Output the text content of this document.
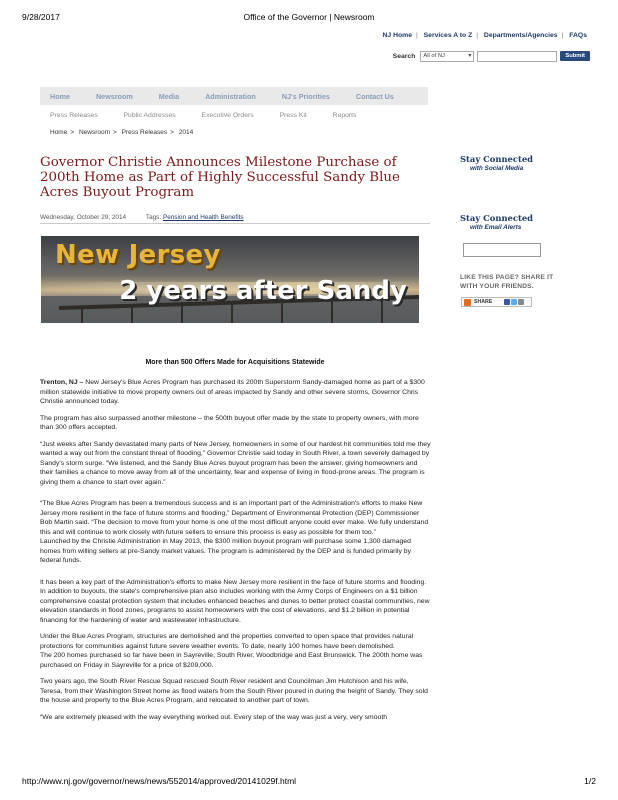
9/28/2017	Office of the Governor | Newsroom
NJ Home | Services A to Z | Departments/Agencies | FAQs
Search All of NJ	▾	Submit
Home	Newsroom	Media	Administration	NJ's Priorities	Contact Us
Press Releases	Public Addresses	Executive Orders	Press Kit	Reports
Home > Newsroom > Press Releases > 2014
Governor Christie Announces Milestone Purchase of 200th Home as Part of Highly Successful Sandy Blue Acres Buyout Program
Wednesday, October 29, 2014	Tags: Pension and Health Benefits
New Jersey
2 years after Sandy
More than 500 Offers Made for Acquisitions Statewide

Trenton, NJ – New Jersey's Blue Acres Program has purchased its 200th Superstorm Sandy-damaged home as part of a $300 million statewide initiative to move property owners out of areas impacted by Sandy and other severe storms, Governor Chris Christie announced today.

The program has also surpassed another milestone – the 500th buyout offer made by the state to property owners, with more than 300 offers accepted.

“Just weeks after Sandy devastated many parts of New Jersey, homeowners in some of our hardest hit communities told me they wanted a way out from the constant threat of flooding,” Governor Christie said today in South River, a town severely damaged by Sandy's storm surge. “We listened, and the Sandy Blue Acres buyout program has been the answer, giving homeowners and their families a chance to move away from all of the uncertainty, fear and expense of living in flood-prone areas. The program is giving them a chance to start over again.”

“The Blue Acres Program has been a tremendous success and is an important part of the Administration's efforts to make New Jersey more resilient in the face of future storms and flooding,” Department of Environmental Protection (DEP) Commissioner Bob Martin said. “The decision to move from your home is one of the most difficult anyone could ever make. We fully understand this and will continue to work closely with future sellers to ensure this process is easy as possible for them too.”

Launched by the Christie Administration in May 2013, the $300 million buyout program will purchase some 1,300 damaged homes from willing sellers at pre-Sandy market values. The program is administered by the DEP and is funded primarily by federal funds.

It has been a key part of the Administration's efforts to make New Jersey more resilient in the face of future storms and flooding. In addition to buyouts, the state's comprehensive plan also includes working with the Army Corps of Engineers on a $1 billion comprehensive coastal protection system that includes enhanced beaches and dunes to better protect coastal communities, new elevation standards in flood zones, programs to assist homeowners with the cost of elevations, and $1.2 billion in potential financing for the hardening of water and wastewater infrastructure.

Under the Blue Acres Program, structures are demolished and the properties converted to open space that provides natural protections for communities against future severe weather events. To date, nearly 100 homes have been demolished.

The 200 homes purchased so far have been in Sayreville, South River, Woodbridge and East Brunswick. The 200th home was purchased on Friday in Sayreville for a price of $209,000.

Two years ago, the South River Rescue Squad rescued South River resident and Councilman Jim Hutchison and his wife, Teresa, from their Washington Street home as flood waters from the South River poured in during the height of Sandy. They sold the house and property to the Blue Acres Program, and relocated to another part of town.

“We are extremely pleased with the way everything worked out. Every step of the way was just a very, very smooth

Stay Connected
with Social Media
Stay Connected
with Email Alerts
LIKE THIS PAGE? SHARE IT
WITH YOUR FRIENDS.
SHARE
http://www.nj.gov/governor/news/news/552014/approved/20141029f.html	1/2
